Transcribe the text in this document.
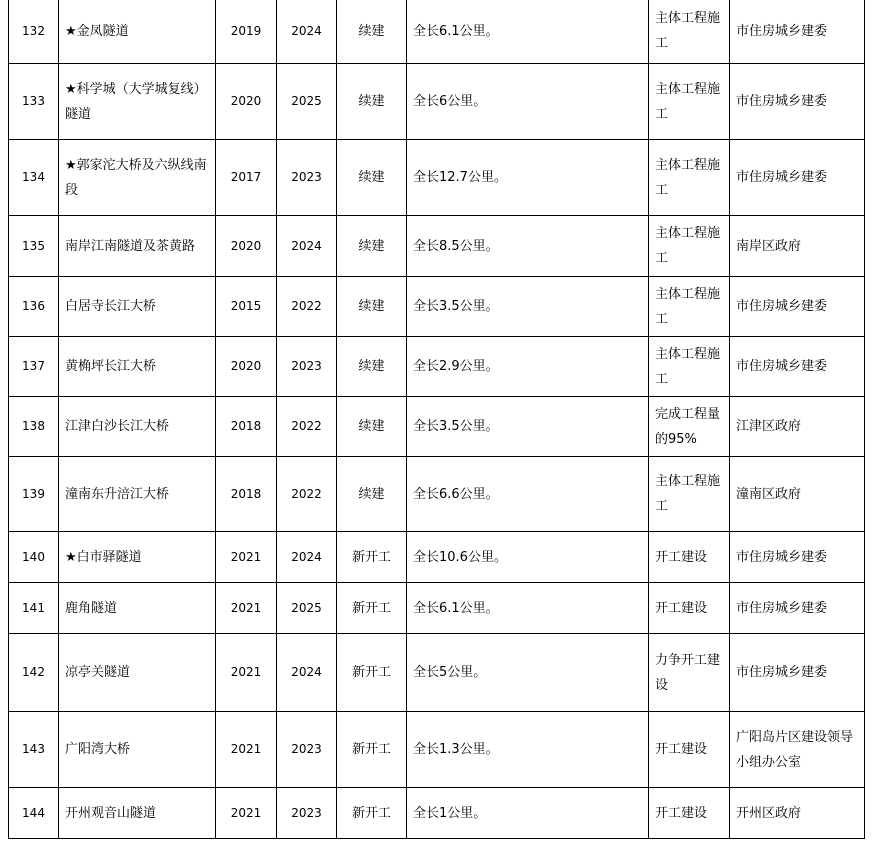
132	★金凤隧道	2019	2024	续建	全长6.1公里。	主体工程施工	市住房城乡建委
133	★科学城（大学城复线）隧道	2020	2025	续建	全长6公里。	主体工程施工	市住房城乡建委
134	★郭家沱大桥及六纵线南段	2017	2023	续建	全长12.7公里。	主体工程施工	市住房城乡建委
135	南岸江南隧道及茶黄路	2020	2024	续建	全长8.5公里。	主体工程施工	南岸区政府
136	白居寺长江大桥	2015	2022	续建	全长3.5公里。	主体工程施工	市住房城乡建委
137	黄桷坪长江大桥	2020	2023	续建	全长2.9公里。	主体工程施工	市住房城乡建委
138	江津白沙长江大桥	2018	2022	续建	全长3.5公里。	完成工程量的95%	江津区政府
139	潼南东升涪江大桥	2018	2022	续建	全长6.6公里。	主体工程施工	潼南区政府
140	★白市驿隧道	2021	2024	新开工	全长10.6公里。	开工建设	市住房城乡建委
141	鹿角隧道	2021	2025	新开工	全长6.1公里。	开工建设	市住房城乡建委
142	凉亭关隧道	2021	2024	新开工	全长5公里。	力争开工建设	市住房城乡建委
143	广阳湾大桥	2021	2023	新开工	全长1.3公里。	开工建设	广阳岛片区建设领导小组办公室
144	开州观音山隧道	2021	2023	新开工	全长1公里。	开工建设	开州区政府
